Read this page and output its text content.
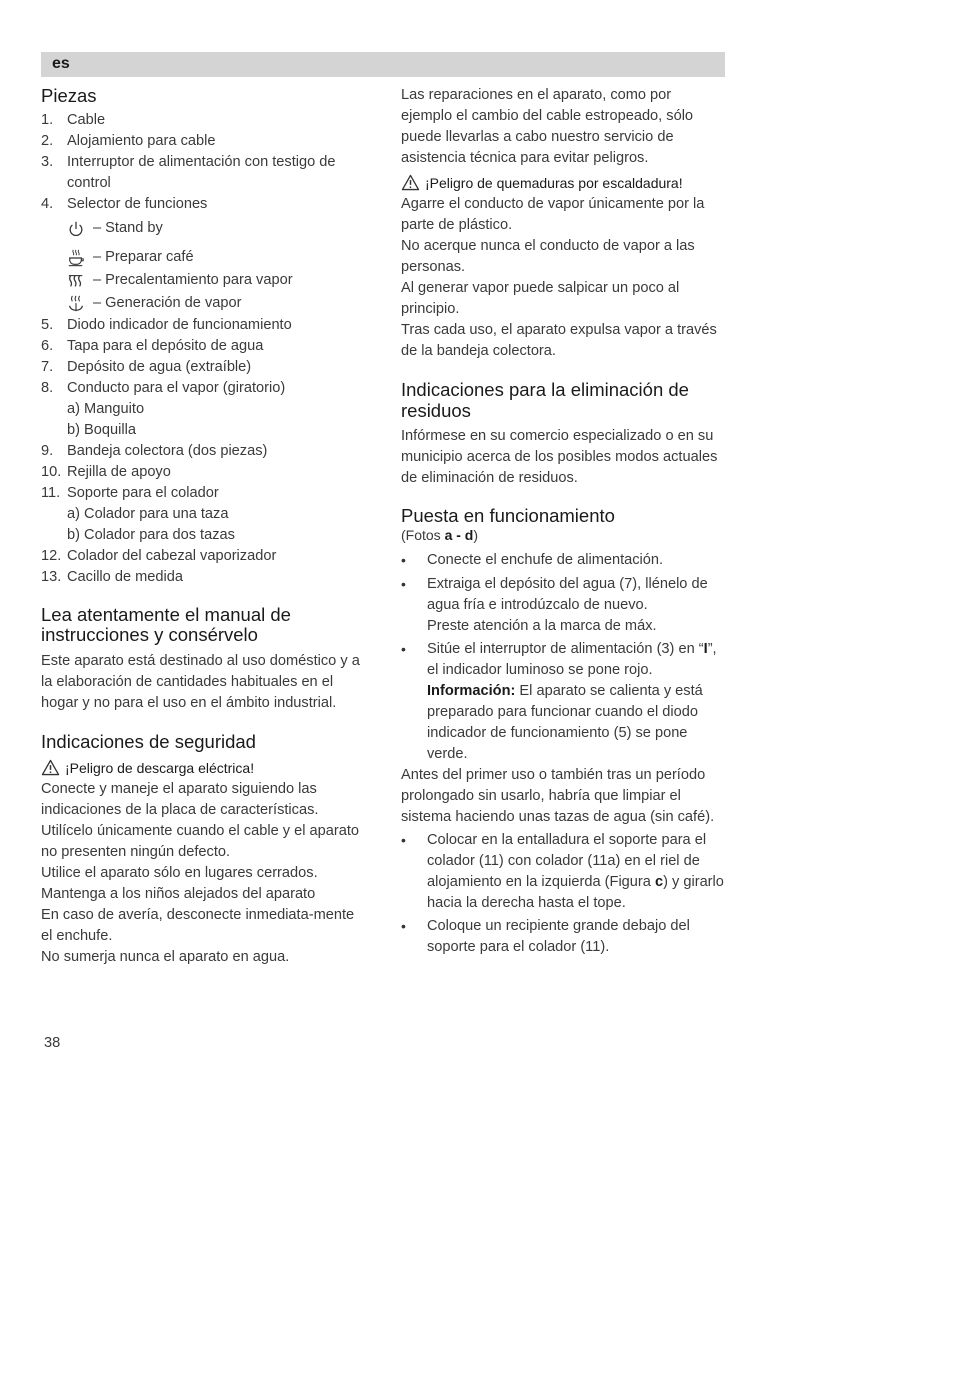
es
Piezas
1. Cable
2. Alojamiento para cable
3. Interruptor de alimentación con testigo de control
4. Selector de funciones
– Stand by
– Preparar café
– Precalentamiento para vapor
– Generación de vapor
5. Diodo indicador de funcionamiento
6. Tapa para el depósito de agua
7. Depósito de agua (extraíble)
8. Conducto para el vapor (giratorio)
a) Manguito
b) Boquilla
9. Bandeja colectora (dos piezas)
10. Rejilla de apoyo
11. Soporte para el colador
a) Colador para una taza
b) Colador para dos tazas
12. Colador del cabezal vaporizador
13. Cacillo de medida
Lea atentamente el manual de instrucciones y consérvelo

Este aparato está destinado al uso doméstico y a la elaboración de cantidades habituales en el hogar y no para el uso en el ámbito industrial.

Indicaciones de seguridad
¡Peligro de descarga eléctrica!

Conecte y maneje el aparato siguiendo las indicaciones de la placa de características.

Utilícelo únicamente cuando el cable y el aparato no presenten ningún defecto.

Utilice el aparato sólo en lugares cerrados.

Mantenga a los niños alejados del aparato

En caso de avería, desconecte inmediata-mente el enchufe.

No sumerja nunca el aparato en agua.

Las reparaciones en el aparato, como por ejemplo el cambio del cable estropeado, sólo puede llevarlas a cabo nuestro servicio de asistencia técnica para evitar peligros.

¡Peligro de quemaduras por escaldadura!

Agarre el conducto de vapor únicamente por la parte de plástico.

No acerque nunca el conducto de vapor a las personas.

Al generar vapor puede salpicar un poco al principio.

Tras cada uso, el aparato expulsa vapor a través de la bandeja colectora.

Indicaciones para la eliminación de residuos

Infórmese en su comercio especializado o en su municipio acerca de los posibles modos actuales de eliminación de residuos.

Puesta en funcionamiento

(Fotos a - d)

•
Conecte el enchufe de alimentación.
•
Extraiga el depósito del agua (7), llénelo de agua fría e introdúzcalo de nuevo.
Preste atención a la marca de máx.
•
Sitúe el interruptor de alimentación (3) en “I”, el indicador luminoso se pone rojo.
Información: El aparato se calienta y está preparado para funcionar cuando el diodo indicador de funcionamiento (5) se pone verde.

Antes del primer uso o también tras un período prolongado sin usarlo, habría que limpiar el sistema haciendo unas tazas de agua (sin café).

•
Colocar en la entalladura el soporte para el colador (11) con colador (11a) en el riel de alojamiento en la izquierda (Figura c) y girarlo hacia la derecha hasta el tope.
•
Coloque un recipiente grande debajo del soporte para el colador (11).
38
